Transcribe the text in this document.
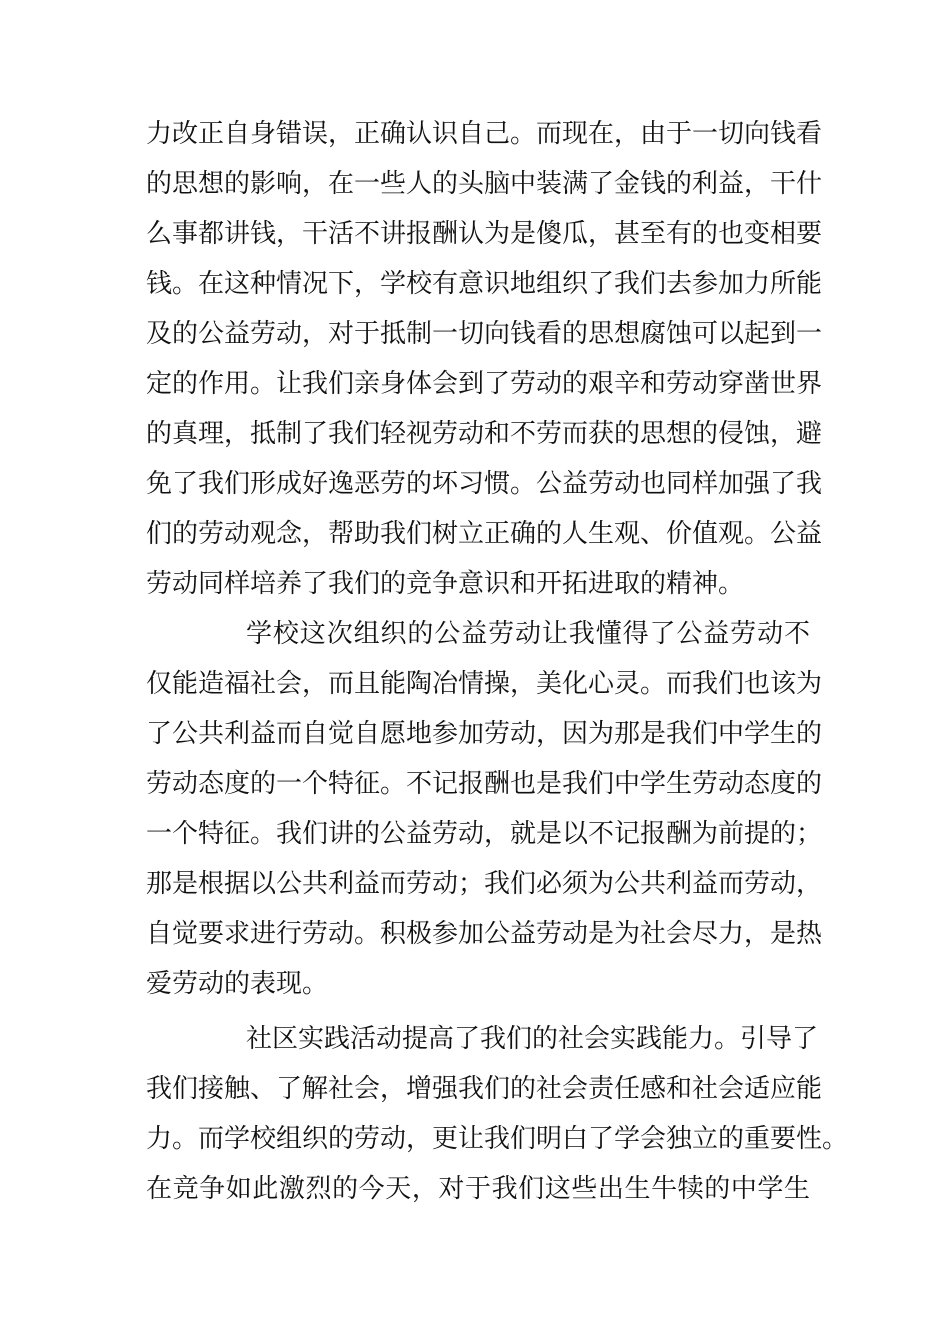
力改正自身错误，正确认识自己。而现在，由于一切向钱看
的思想的影响，在一些人的头脑中装满了金钱的利益，干什
么事都讲钱，干活不讲报酬认为是傻瓜，甚至有的也变相要
钱。在这种情况下，学校有意识地组织了我们去参加力所能
及的公益劳动，对于抵制一切向钱看的思想腐蚀可以起到一
定的作用。让我们亲身体会到了劳动的艰辛和劳动穿凿世界
的真理，抵制了我们轻视劳动和不劳而获的思想的侵蚀，避
免了我们形成好逸恶劳的坏习惯。公益劳动也同样加强了我
们的劳动观念，帮助我们树立正确的人生观、价值观。公益
劳动同样培养了我们的竞争意识和开拓进取的精神。
学校这次组织的公益劳动让我懂得了公益劳动不
仅能造福社会，而且能陶冶情操，美化心灵。而我们也该为
了公共利益而自觉自愿地参加劳动，因为那是我们中学生的
劳动态度的一个特征。不记报酬也是我们中学生劳动态度的
一个特征。我们讲的公益劳动，就是以不记报酬为前提的；
那是根据以公共利益而劳动；我们必须为公共利益而劳动，
自觉要求进行劳动。积极参加公益劳动是为社会尽力，是热
爱劳动的表现。
社区实践活动提高了我们的社会实践能力。引导了
我们接触、了解社会，增强我们的社会责任感和社会适应能
力。而学校组织的劳动，更让我们明白了学会独立的重要性。
在竞争如此激烈的今天，对于我们这些出生牛犊的中学生
